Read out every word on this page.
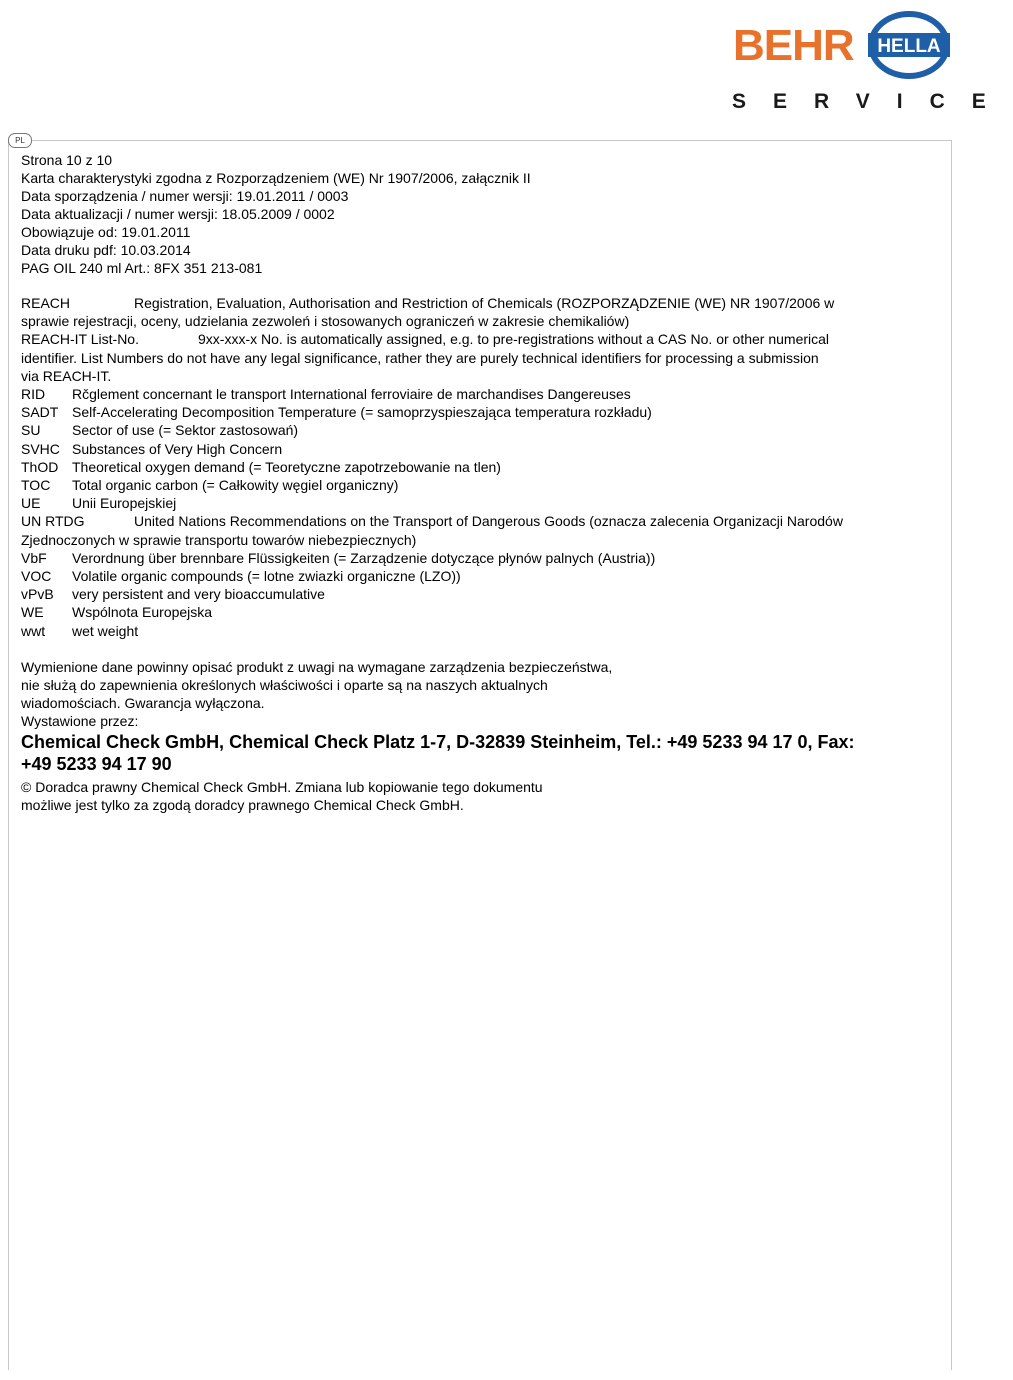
BEHR HELLA
SERVICE
PL
Strona 10 z 10
Karta charakterystyki zgodna z Rozporządzeniem (WE) Nr 1907/2006, załącznik II
Data sporządzenia / numer wersji: 19.01.2011 / 0003
Data aktualizacji / numer wersji: 18.05.2009 / 0002
Obowiązuje od: 19.01.2011
Data druku pdf: 10.03.2014
PAG OIL 240 ml Art.: 8FX 351 213-081
REACH	Registration, Evaluation, Authorisation and Restriction of Chemicals (ROZPORZĄDZENIE (WE) NR 1907/2006 w
sprawie rejestracji, oceny, udzielania zezwoleń i stosowanych ograniczeń w zakresie chemikaliów)
REACH-IT List-No.	9xx-xxx-x No. is automatically assigned, e.g. to pre-registrations without a CAS No. or other numerical
identifier. List Numbers do not have any legal significance, rather they are purely technical identifiers for processing a submission
via REACH-IT.
RID Rčglement concernant le transport International ferroviaire de marchandises Dangereuses
SADT Self-Accelerating Decomposition Temperature (= samoprzyspieszająca temperatura rozkładu)
SU Sector of use (= Sektor zastosowań)
SVHC Substances of Very High Concern
ThOD Theoretical oxygen demand (= Teoretyczne zapotrzebowanie na tlen)
TOC Total organic carbon (= Całkowity węgiel organiczny)
UE Unii Europejskiej
UN RTDG	United Nations Recommendations on the Transport of Dangerous Goods (oznacza zalecenia Organizacji Narodów
Zjednoczonych w sprawie transportu towarów niebezpiecznych)
VbF Verordnung über brennbare Flüssigkeiten (= Zarządzenie dotyczące płynów palnych (Austria))
VOC Volatile organic compounds (= lotne zwiazki organiczne (LZO))
vPvB very persistent and very bioaccumulative
WE Wspólnota Europejska
wwt wet weight
Wymienione dane powinny opisać produkt z uwagi na wymagane zarządzenia bezpieczeństwa,
nie służą do zapewnienia określonych właściwości i oparte są na naszych aktualnych
wiadomościach. Gwarancja wyłączona.
Wystawione przez:
Chemical Check GmbH, Chemical Check Platz 1-7, D-32839 Steinheim, Tel.: +49 5233 94 17 0, Fax:
+49 5233 94 17 90
© Doradca prawny Chemical Check GmbH. Zmiana lub kopiowanie tego dokumentu
możliwe jest tylko za zgodą doradcy prawnego Chemical Check GmbH.
